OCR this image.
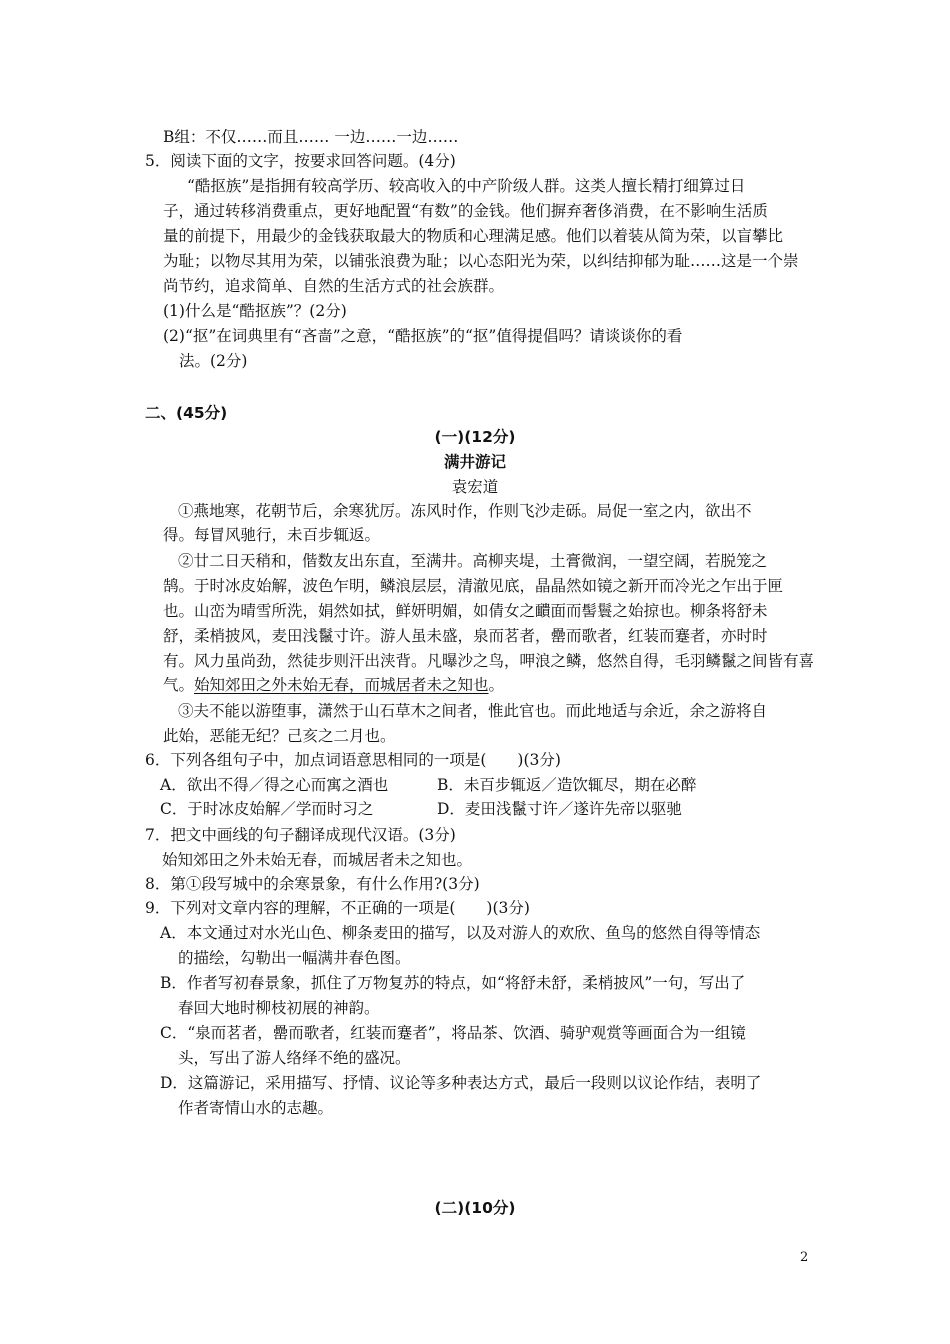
B组：不仅……而且…… 一边……一边……
5．阅读下面的文字，按要求回答问题。(4分)
“酷抠族”是指拥有较高学历、较高收入的中产阶级人群。这类人擅长精打细算过日
子，通过转移消费重点，更好地配置“有数”的金钱。他们摒弃奢侈消费，在不影响生活质
量的前提下，用最少的金钱获取最大的物质和心理满足感。他们以着装从简为荣，以盲攀比
为耻；以物尽其用为荣，以铺张浪费为耻；以心态阳光为荣，以纠结抑郁为耻……这是一个崇
尚节约，追求简单、自然的生活方式的社会族群。
(1)什么是“酷抠族”？(2分)
(2)“抠”在词典里有“吝啬”之意，“酷抠族”的“抠”值得提倡吗？请谈谈你的看
法。(2分)
二、(45分)
(一)(12分)
满井游记
袁宏道
①燕地寒，花朝节后，余寒犹厉。冻风时作，作则飞沙走砾。局促一室之内，欲出不
得。每冒风驰行，未百步辄返。
②廿二日天稍和，偕数友出东直，至满井。高柳夹堤，土膏微润，一望空阔，若脱笼之
鹄。于时冰皮始解，波色乍明，鳞浪层层，清澈见底，晶晶然如镜之新开而冷光之乍出于匣
也。山峦为晴雪所洗，娟然如拭，鲜妍明媚，如倩女之靧面而髻鬟之始掠也。柳条将舒未
舒，柔梢披风，麦田浅鬣寸许。游人虽未盛，泉而茗者，罍而歌者，红装而蹇者，亦时时
有。风力虽尚劲，然徒步则汗出浃背。凡曝沙之鸟，呷浪之鳞，悠然自得，毛羽鳞鬣之间皆有喜
气。始知郊田之外未始无春，而城居者未之知也。
③夫不能以游堕事，潇然于山石草木之间者，惟此官也。而此地适与余近，余之游将自
此始，恶能无纪？己亥之二月也。
6．下列各组句子中，加点词语意思相同的一项是(　　)(3分)
A．欲出不得／得之心而寓之酒也	B．未百步辄返／造饮辄尽，期在必醉
C．于时冰皮始解／学而时习之	D．麦田浅鬣寸许／遂许先帝以驱驰
7．把文中画线的句子翻译成现代汉语。(3分)
始知郊田之外未始无春，而城居者未之知也。
8．第①段写城中的余寒景象，有什么作用?(3分)
9．下列对文章内容的理解，不正确的一项是(　　)(3分)
A．本文通过对水光山色、柳条麦田的描写，以及对游人的欢欣、鱼鸟的悠然自得等情态
的描绘，勾勒出一幅满井春色图。
B．作者写初春景象，抓住了万物复苏的特点，如“将舒未舒，柔梢披风”一句，写出了
春回大地时柳枝初展的神韵。
C．“泉而茗者，罍而歌者，红装而蹇者”，将品茶、饮酒、骑驴观赏等画面合为一组镜
头，写出了游人络绎不绝的盛况。
D．这篇游记，采用描写、抒情、议论等多种表达方式，最后一段则以议论作结，表明了
作者寄情山水的志趣。
(二)(10分)
2
